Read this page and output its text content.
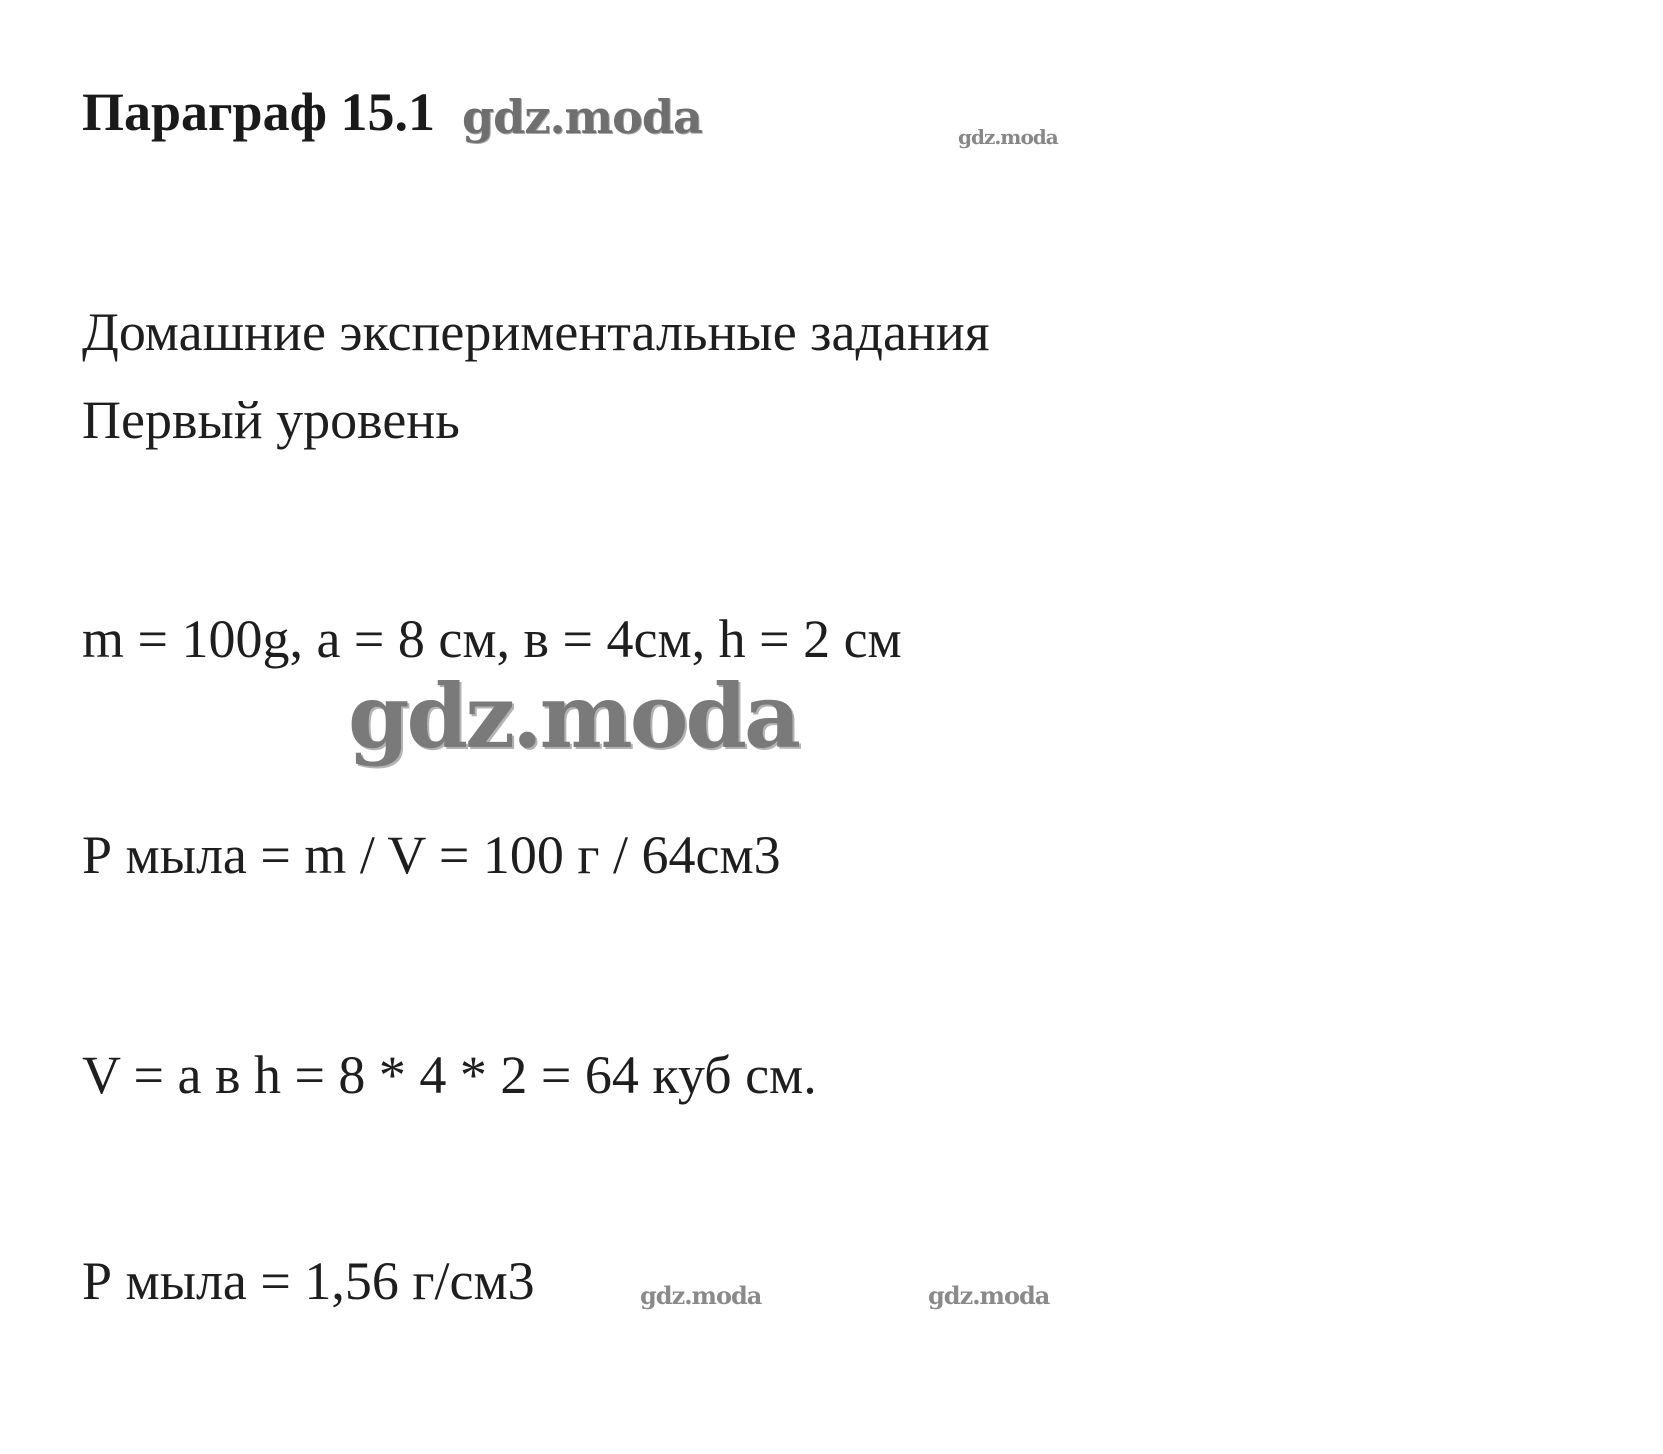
Параграф 15.1 gdz.moda	gdz.moda
Домашние экспериментальные задания
Первый уровень
m = 100g, a = 8 см, в = 4см, h = 2 см
gdz.moda
Р мыла = m / V = 100 г / 64см3
V = a в h = 8 * 4 * 2 = 64 куб см.
Р мыла = 1,56 г/см3	gdz.moda	gdz.moda
